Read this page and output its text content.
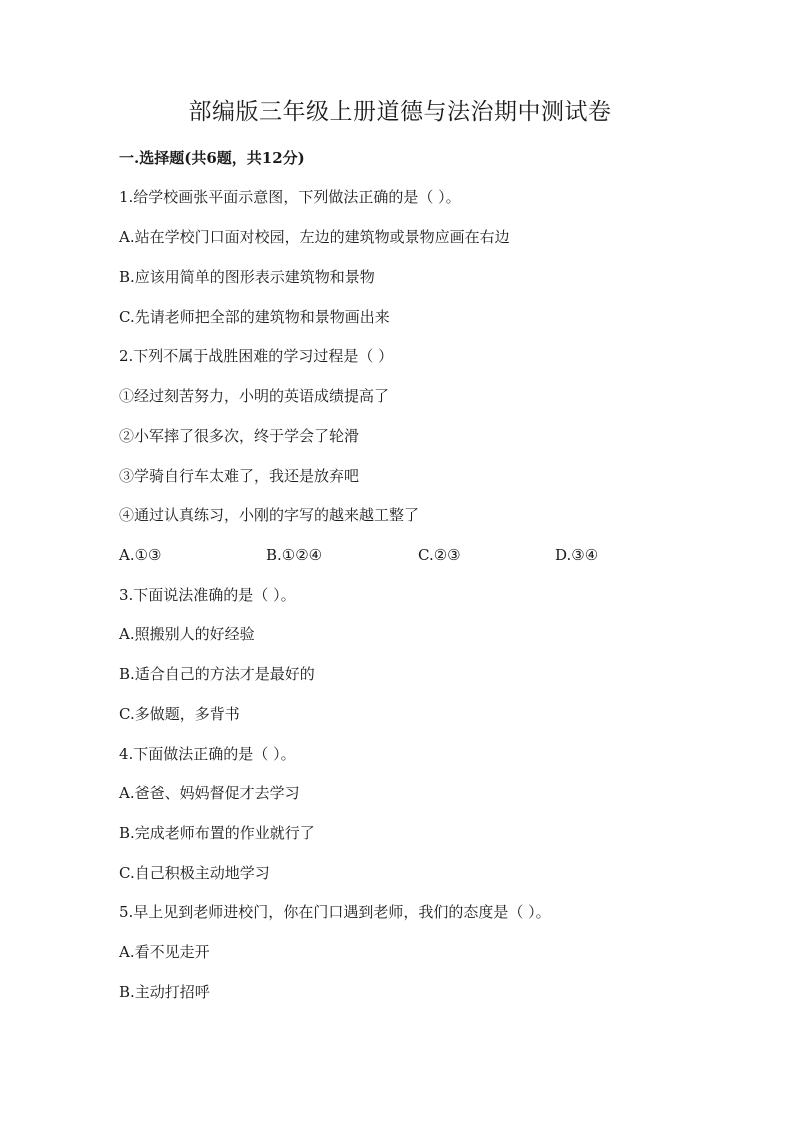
部编版三年级上册道德与法治期中测试卷
一.选择题(共6题，共12分)
1.给学校画张平面示意图，下列做法正确的是（ ）。
A.站在学校门口面对校园，左边的建筑物或景物应画在右边
B.应该用简单的图形表示建筑物和景物
C.先请老师把全部的建筑物和景物画出来
2.下列不属于战胜困难的学习过程是（ ）
①经过刻苦努力，小明的英语成绩提高了
②小军摔了很多次，终于学会了轮滑
③学骑自行车太难了，我还是放弃吧
④通过认真练习，小刚的字写的越来越工整了
A.①③	B.①②④	C.②③	D.③④
3.下面说法准确的是（ ）。
A.照搬别人的好经验
B.适合自己的方法才是最好的
C.多做题，多背书
4.下面做法正确的是（ ）。
A.爸爸、妈妈督促才去学习
B.完成老师布置的作业就行了
C.自己积极主动地学习
5.早上见到老师进校门，你在门口遇到老师，我们的态度是（ ）。
A.看不见走开
B.主动打招呼
